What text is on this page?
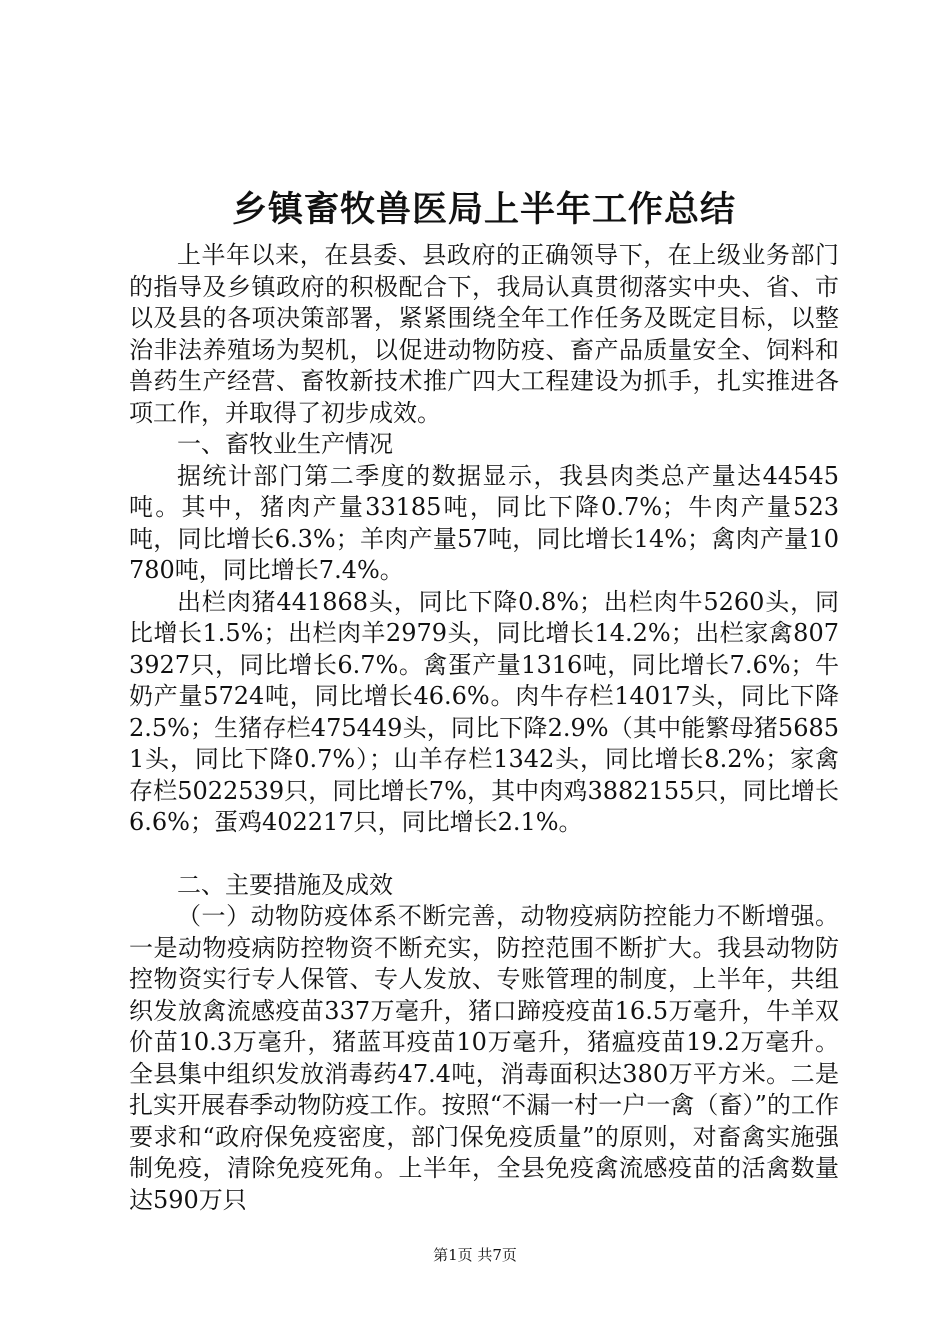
乡镇畜牧兽医局上半年工作总结

上半年以来，在县委、县政府的正确领导下，在上级业务部门的指导及乡镇政府的积极配合下，我局认真贯彻落实中央、省、市以及县的各项决策部署，紧紧围绕全年工作任务及既定目标，以整治非法养殖场为契机，以促进动物防疫、畜产品质量安全、饲料和兽药生产经营、畜牧新技术推广四大工程建设为抓手，扎实推进各项工作，并取得了初步成效。

一、畜牧业生产情况

据统计部门第二季度的数据显示，我县肉类总产量达44545吨。其中，猪肉产量33185吨，同比下降0.7%；牛肉产量523吨，同比增长6.3%；羊肉产量57吨，同比增长14%；禽肉产量10780吨，同比增长7.4%。

出栏肉猪441868头，同比下降0.8%；出栏肉牛5260头，同比增长1.5%；出栏肉羊2979头，同比增长14.2%；出栏家禽8073927只，同比增长6.7%。禽蛋产量1316吨，同比增长7.6%；牛奶产量5724吨，同比增长46.6%。肉牛存栏14017头，同比下降2.5%；生猪存栏475449头，同比下降2.9%（其中能繁母猪56851头，同比下降0.7%）；山羊存栏1342头，同比增长8.2%；家禽存栏5022539只，同比增长7%，其中肉鸡3882155只，同比增长6.6%；蛋鸡402217只，同比增长2.1%。

二、主要措施及成效

（一）动物防疫体系不断完善，动物疫病防控能力不断增强。一是动物疫病防控物资不断充实，防控范围不断扩大。我县动物防控物资实行专人保管、专人发放、专账管理的制度，上半年，共组织发放禽流感疫苗337万毫升，猪口蹄疫疫苗16.5万毫升，牛羊双价苗10.3万毫升，猪蓝耳疫苗10万毫升，猪瘟疫苗19.2万毫升。全县集中组织发放消毒药47.4吨，消毒面积达380万平方米。二是扎实开展春季动物防疫工作。按照“不漏一村一户一禽（畜）”的工作要求和“政府保免疫密度，部门保免疫质量”的原则，对畜禽实施强制免疫，清除免疫死角。上半年，全县免疫禽流感疫苗的活禽数量达590万只

第1页 共7页
